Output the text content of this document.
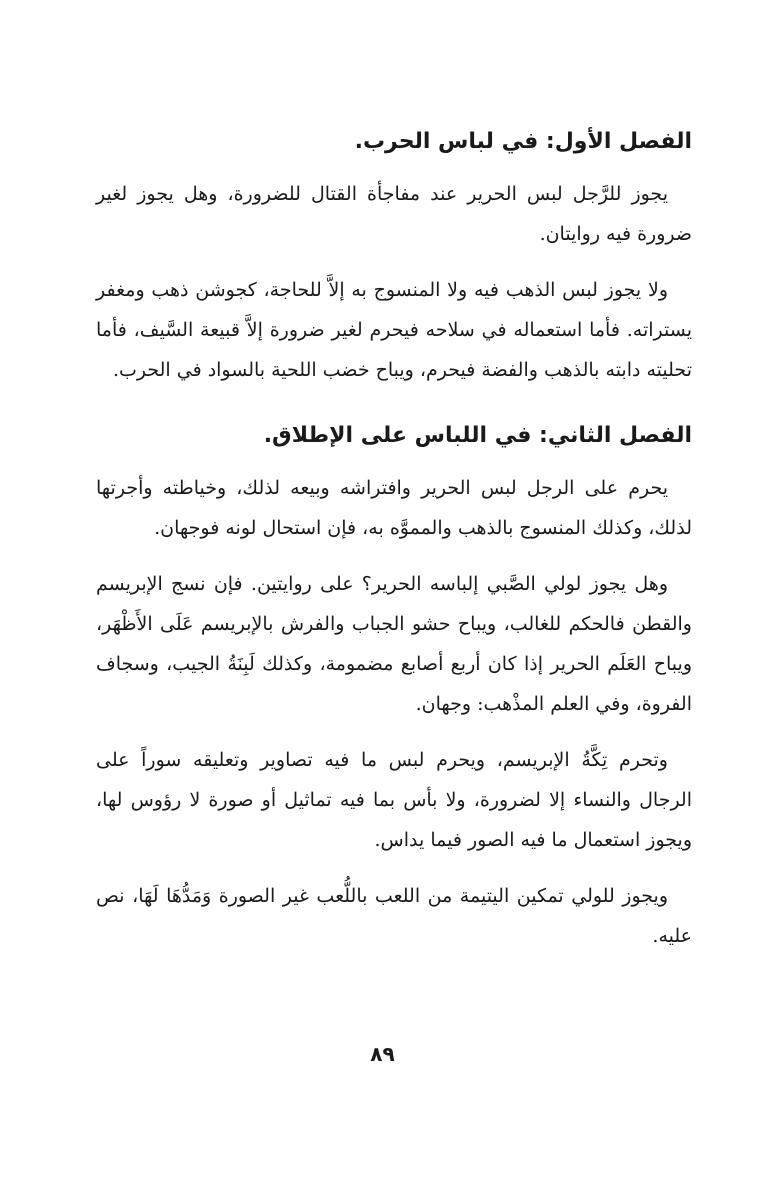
الفصل الأول: في لباس الحرب.

يجوز للرَّجل لبس الحرير عند مفاجأة القتال للضرورة، وهل يجوز لغير ضرورة فيه روايتان.

ولا يجوز لبس الذهب فيه ولا المنسوج به إلاَّ للحاجة، كجوشن ذهب ومغفر يستراته. فأما استعماله في سلاحه فيحرم لغير ضرورة إلاَّ قبيعة السَّيف، فأما تحليته دابته بالذهب والفضة فيحرم، ويباح خضب اللحية بالسواد في الحرب.

الفصل الثاني: في اللباس على الإطلاق.

يحرم على الرجل لبس الحرير وافتراشه وبيعه لذلك، وخياطته وأجرتها لذلك، وكذلك المنسوج بالذهب والمموَّه به، فإن استحال لونه فوجهان.

وهل يجوز لولي الصَّبي إلباسه الحرير؟ على روايتين. فإن نسج الإبريسم والقطن فالحكم للغالب، ويباح حشو الجباب والفرش بالإبريسم عَلَى الأَظْهَر، ويباح العَلَم الحرير إذا كان أربع أصابع مضمومة، وكذلك لَبِنَةُ الجيب، وسجاف الفروة، وفي العلم المذْهب: وجهان.

وتحرم تِكَّةُ الإبريسم، ويحرم لبس ما فيه تصاوير وتعليقه سوراً على الرجال والنساء إلا لضرورة، ولا بأس بما فيه تماثيل أو صورة لا رؤوس لها، ويجوز استعمال ما فيه الصور فيما يداس.

ويجوز للولي تمكين اليتيمة من اللعب باللُّعب غير الصورة وَمَدُّهَا لَهَا، نص عليه.

٨٩
